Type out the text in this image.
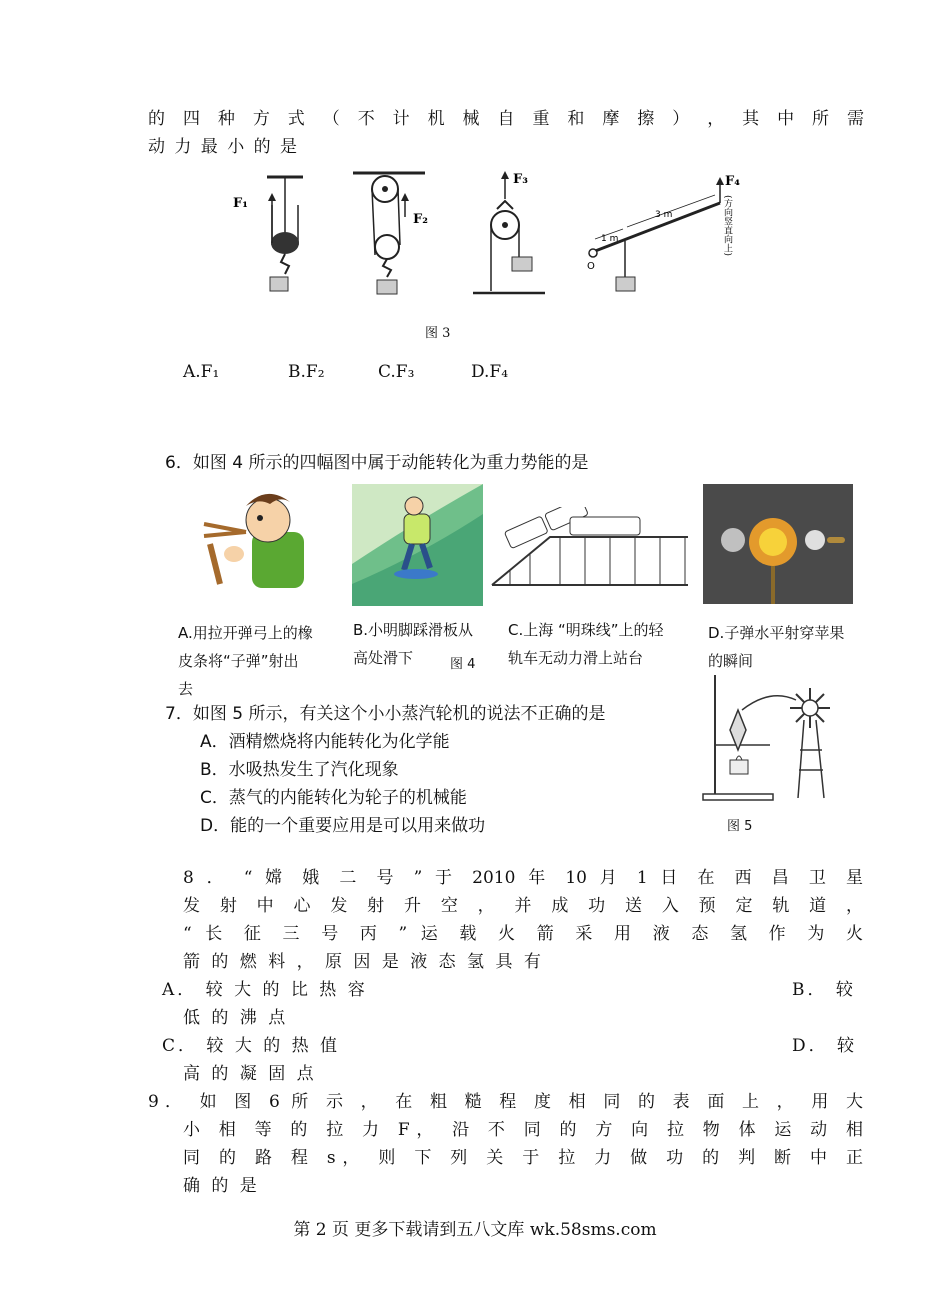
的 四 种 方 式 （ 不 计 机 械 自 重 和 摩 擦 ） ， 其 中 所 需
动 力 最 小 的 是
F₁
F₂
F₃	F₄
3 m
1 m
O
(方向竖直向上)
图 3
A.F₁	B.F₂	C.F₃	D.F₄
6．如图 4 所示的四幅图中属于动能转化为重力势能的是
A.用拉开弹弓上的橡
皮条将“子弹”射出
去
B.小明脚踩滑板从
高处滑下	图 4
C.上海 “明珠线”上的轻
轨车无动力滑上站台
D.子弹水平射穿苹果
的瞬间
7．如图 5 所示，有关这个小小蒸汽轮机的说法不正确的是
A．酒精燃烧将内能转化为化学能
B．水吸热发生了汽化现象
C．蒸气的内能转化为轮子的机械能
D．能的一个重要应用是可以用来做功	图 5
8 ． “ 嫦 娥 二 号 ” 于 2010 年 10 月 1 日 在 西 昌 卫 星
发 射 中 心 发 射 升 空 ， 并 成 功 送 入 预 定 轨 道 ，
“ 长 征 三 号 丙 ” 运 载 火 箭 采 用 液 态 氢 作 为 火
箭 的 燃 料 ， 原 因 是 液 态 氢 具 有
A． 较 大 的 比 热 容	B． 较
低 的 沸 点
C． 较 大 的 热 值	D． 较
高 的 凝 固 点
9． 如 图 6 所 示 ， 在 粗 糙 程 度 相 同 的 表 面 上 ， 用 大
小 相 等 的 拉 力 F， 沿 不 同 的 方 向 拉 物 体 运 动 相
同 的 路 程 s， 则 下 列 关 于 拉 力 做 功 的 判 断 中 正
确 的 是
第 2 页 更多下载请到五八文库 wk.58sms.com
